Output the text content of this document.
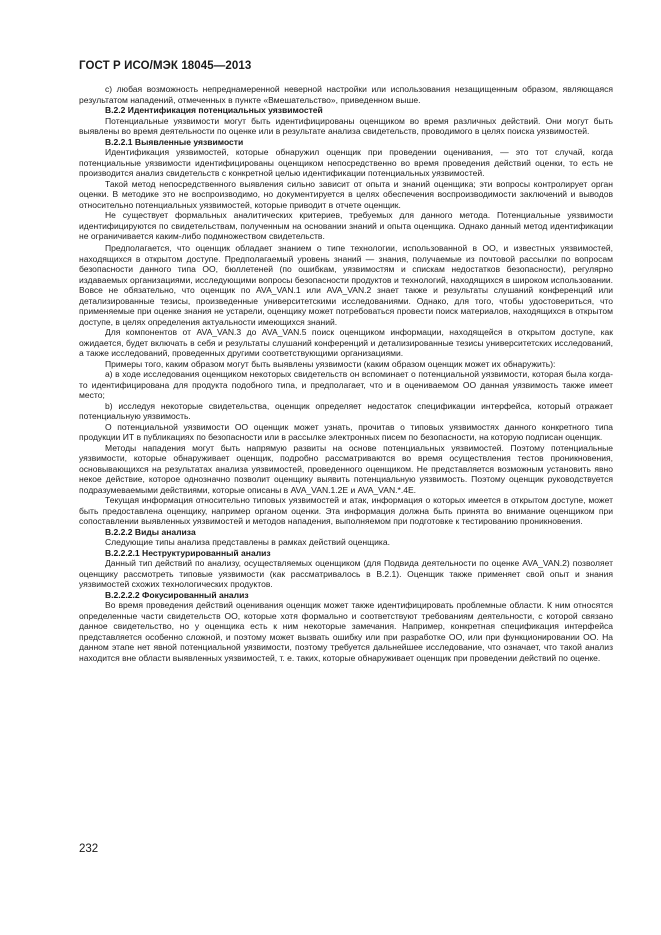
ГОСТ Р ИСО/МЭК 18045—2013

c) любая возможность непреднамеренной неверной настройки или использования незащищенным образом, являющаяся результатом нападений, отмеченных в пункте «Вмешательство», приведенном выше.

В.2.2 Идентификация потенциальных уязвимостей

Потенциальные уязвимости могут быть идентифицированы оценщиком во время различных действий. Они могут быть выявлены во время деятельности по оценке или в результате анализа свидетельств, проводимого в целях поиска уязвимостей.

В.2.2.1 Выявленные уязвимости

Идентификация уязвимостей, которые обнаружил оценщик при проведении оценивания, — это тот случай, когда потенциальные уязвимости идентифицированы оценщиком непосредственно во время проведения действий оценки, то есть не производится анализ свидетельств с конкретной целью идентификации потенциальных уязвимостей.

Такой метод непосредственного выявления сильно зависит от опыта и знаний оценщика; эти вопросы контролирует орган оценки. В методике это не воспроизводимо, но документируется в целях обеспечения воспроизводимости заключений и выводов относительно потенциальных уязвимостей, которые приводит в отчете оценщик.

Не существует формальных аналитических критериев, требуемых для данного метода. Потенциальные уязвимости идентифицируются по свидетельствам, полученным на основании знаний и опыта оценщика. Однако данный метод идентификации не ограничивается каким-либо подмножеством свидетельств.

Предполагается, что оценщик обладает знанием о типе технологии, использованной в ОО, и известных уязвимостей, находящихся в открытом доступе. Предполагаемый уровень знаний — знания, получаемые из почтовой рассылки по вопросам безопасности данного типа ОО, бюллетеней (по ошибкам, уязвимостям и спискам недостатков безопасности), регулярно издаваемых организациями, исследующими вопросы безопасности продуктов и технологий, находящихся в широком использовании. Вовсе не обязательно, что оценщик по AVA_VAN.1 или AVA_VAN.2 знает также и результаты слушаний конференций или детализированные тезисы, произведенные университетскими исследованиями. Однако, для того, чтобы удостовериться, что применяемые при оценке знания не устарели, оценщику может потребоваться провести поиск материалов, находящихся в открытом доступе, в целях определения актуальности имеющихся знаний.

Для компонентов от AVA_VAN.3 до AVA_VAN.5 поиск оценщиком информации, находящейся в открытом доступе, как ожидается, будет включать в себя и результаты слушаний конференций и детализированные тезисы университетских исследований, а также исследований, проведенных другими соответствующими организациями.

Примеры того, каким образом могут быть выявлены уязвимости (каким образом оценщик может их обнаружить):

a) в ходе исследования оценщиком некоторых свидетельств он вспоминает о потенциальной уязвимости, которая была когда-то идентифицирована для продукта подобного типа, и предполагает, что и в оцениваемом ОО данная уязвимость также имеет место;

b) исследуя некоторые свидетельства, оценщик определяет недостаток спецификации интерфейса, который отражает потенциальную уязвимость.

О потенциальной уязвимости ОО оценщик может узнать, прочитав о типовых уязвимостях данного конкретного типа продукции ИТ в публикациях по безопасности или в рассылке электронных писем по безопасности, на которую подписан оценщик.

Методы нападения могут быть напрямую развиты на основе потенциальных уязвимостей. Поэтому потенциальные уязвимости, которые обнаруживает оценщик, подробно рассматриваются во время осуществления тестов проникновения, основывающихся на результатах анализа уязвимостей, проведенного оценщиком. Не представляется возможным установить явно некое действие, которое однозначно позволит оценщику выявить потенциальную уязвимость. Поэтому оценщик руководствуется подразумеваемыми действиями, которые описаны в AVA_VAN.1.2E и AVA_VAN.*.4E.

Текущая информация относительно типовых уязвимостей и атак, информация о которых имеется в открытом доступе, может быть предоставлена оценщику, например органом оценки. Эта информация должна быть принята во внимание оценщиком при сопоставлении выявленных уязвимостей и методов нападения, выполняемом при подготовке к тестированию проникновения.

В.2.2.2 Виды анализа

Следующие типы анализа представлены в рамках действий оценщика.

В.2.2.2.1 Неструктурированный анализ

Данный тип действий по анализу, осуществляемых оценщиком (для Подвида деятельности по оценке AVA_VAN.2) позволяет оценщику рассмотреть типовые уязвимости (как рассматривалось в В.2.1). Оценщик также применяет свой опыт и знания уязвимостей схожих технологических продуктов.

В.2.2.2.2 Фокусированный анализ

Во время проведения действий оценивания оценщик может также идентифицировать проблемные области. К ним относятся определенные части свидетельств ОО, которые хотя формально и соответствуют требованиям деятельности, с которой связано данное свидетельство, но у оценщика есть к ним некоторые замечания. Например, конкретная спецификация интерфейса представляется особенно сложной, и поэтому может вызвать ошибку или при разработке ОО, или при функционировании ОО. На данном этапе нет явной потенциальной уязвимости, поэтому требуется дальнейшее исследование, что означает, что такой анализ находится вне области выявленных уязвимостей, т. е. таких, которые обнаруживает оценщик при проведении действий по оценке.

232
